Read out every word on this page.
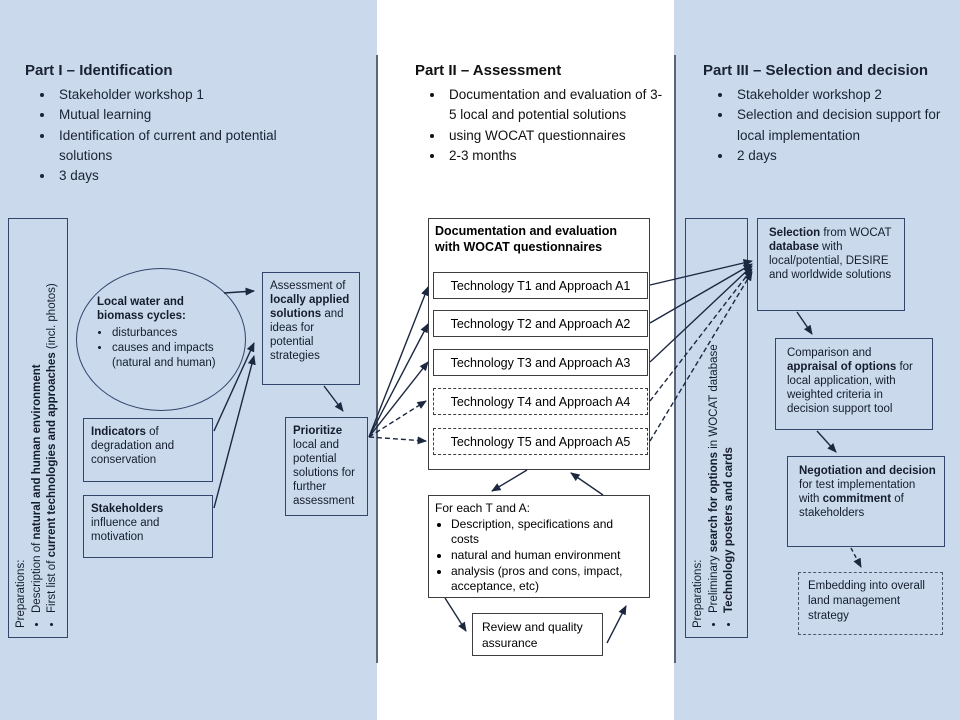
Part I – Identification
• Stakeholder workshop 1
• Mutual learning
• Identification of current and potential solutions
• 3 days
Part II – Assessment
• Documentation and evaluation of 3-5 local and potential solutions
• using WOCAT questionnaires
• 2-3 months
Part III – Selection and decision
• Stakeholder workshop 2
• Selection and decision support for local implementation
• 2 days
Preparations: • Description of natural and human environment
• First list of current technologies and approaches (incl. photos)	Local water and biomass cycles:
• disturbances
• causes and impacts (natural and human)
Indicators of degradation and conservation
Stakeholders influence and motivation
Assessment of locally applied solutions and ideas for potential strategies
Prioritize local and potential solutions for further assessment
Documentation and evaluation with WOCAT questionnaires
Technology T1 and Approach A1
Technology T2 and Approach A2
Technology T3 and Approach A3
Technology T4 and Approach A4
Technology T5 and Approach A5
For each T and A:
• Description, specifications and costs
• natural and human environment
• analysis (pros and cons, impact, acceptance, etc)
Review and quality assurance
Preparations: • Preliminary search for options in WOCAT database
• Technology posters and cards
Selection from WOCAT database with local/potential, DESIRE and worldwide solutions
Comparison and appraisal of options for local application, with weighted criteria in decision support tool
Negotiation and decision for test implementation with commitment of stakeholders
Embedding into overall land management strategy
